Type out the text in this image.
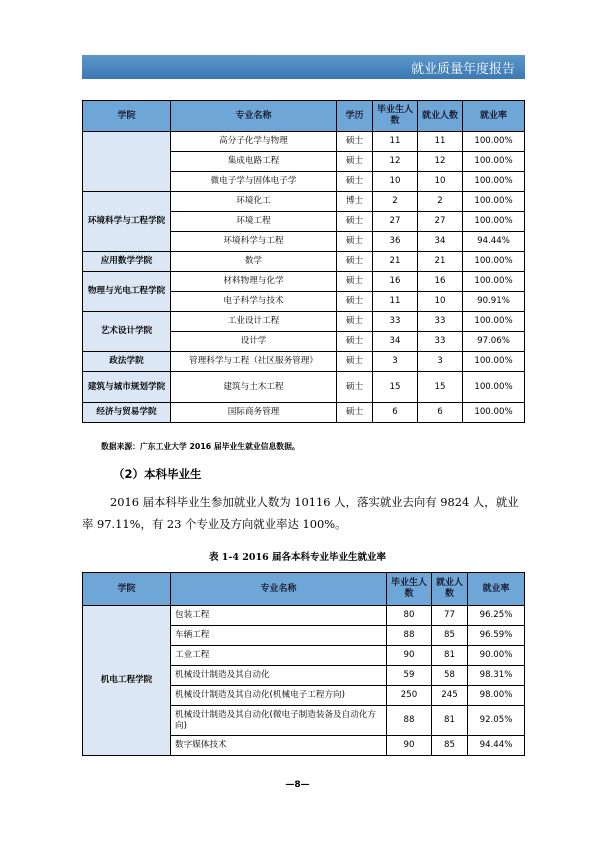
就业质量年度报告
学院	专业名称	学历	毕业生人数	就业人数	就业率
	高分子化学与物理	硕士	11	11	100.00%
	集成电路工程	硕士	12	12	100.00%
	微电子学与固体电子学	硕士	10	10	100.00%
环境科学与工程学院	环境化工	博士	2	2	100.00%
	环境工程	硕士	27	27	100.00%
	环境科学与工程	硕士	36	34	94.44%
应用数学学院	数学	硕士	21	21	100.00%
物理与光电工程学院	材料物理与化学	硕士	16	16	100.00%
	电子科学与技术	硕士	11	10	90.91%
艺术设计学院	工业设计工程	硕士	33	33	100.00%
	设计学	硕士	34	33	97.06%
政法学院	管理科学与工程（社区服务管理）	硕士	3	3	100.00%
建筑与城市规划学院	建筑与土木工程	硕士	15	15	100.00%
经济与贸易学院	国际商务管理	硕士	6	6	100.00%
数据来源：广东工业大学 2016 届毕业生就业信息数据。
（2）本科毕业生
2016 届本科毕业生参加就业人数为 10116 人，落实就业去向有 9824 人，就业率 97.11%，有 23 个专业及方向就业率达 100%。
表 1-4 2016 届各本科专业毕业生就业率
学院	专业名称	毕业生人数	就业人数	就业率
机电工程学院	包装工程	80	77	96.25%
	车辆工程	88	85	96.59%
	工业工程	90	81	90.00%
	机械设计制造及其自动化	59	58	98.31%
	机械设计制造及其自动化(机械电子工程方向)	250	245	98.00%
	机械设计制造及其自动化(微电子制造装备及自动化方向)	88	81	92.05%
	数字媒体技术	90	85	94.44%
—8—
